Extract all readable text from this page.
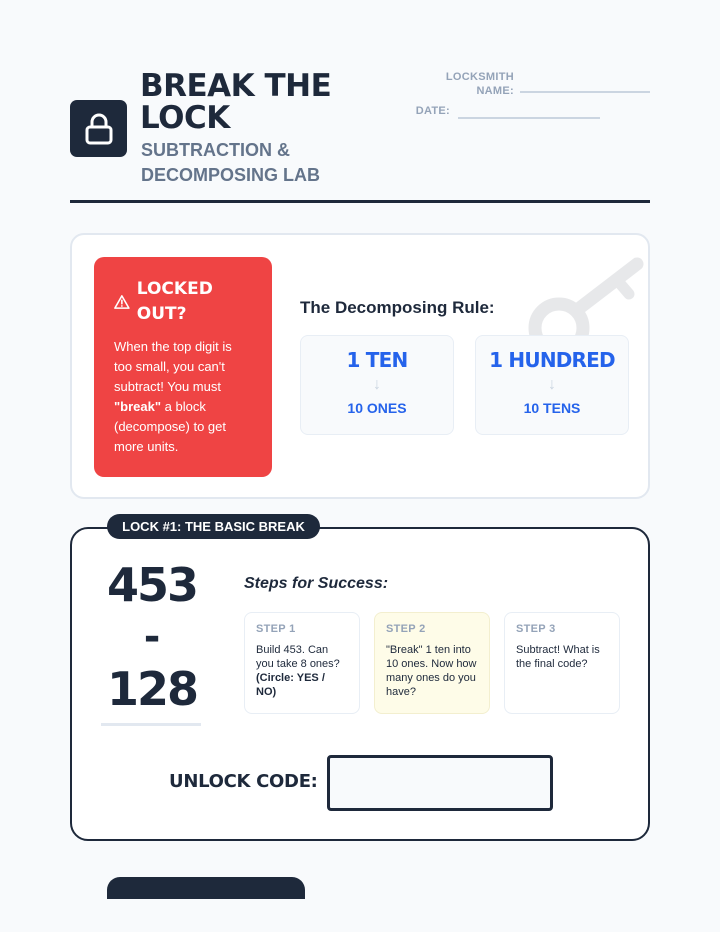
BREAK THE LOCK
SUBTRACTION & DECOMPOSING LAB
LOCKSMITH NAME:
DATE:
LOCKED OUT?
When the top digit is too small, you can't subtract! You must "break" a block (decompose) to get more units.
The Decomposing Rule:
1 TEN
↓
10 ONES
1 HUNDRED
↓
10 TENS
453
-
128
Steps for Success:
STEP 1
Build 453. Can you take 8 ones? (Circle: YES / NO)
STEP 2
"Break" 1 ten into 10 ones. Now how many ones do you have?
STEP 3
Subtract! What is the final code?
UNLOCK CODE:
LOCK #1: THE BASIC BREAK
